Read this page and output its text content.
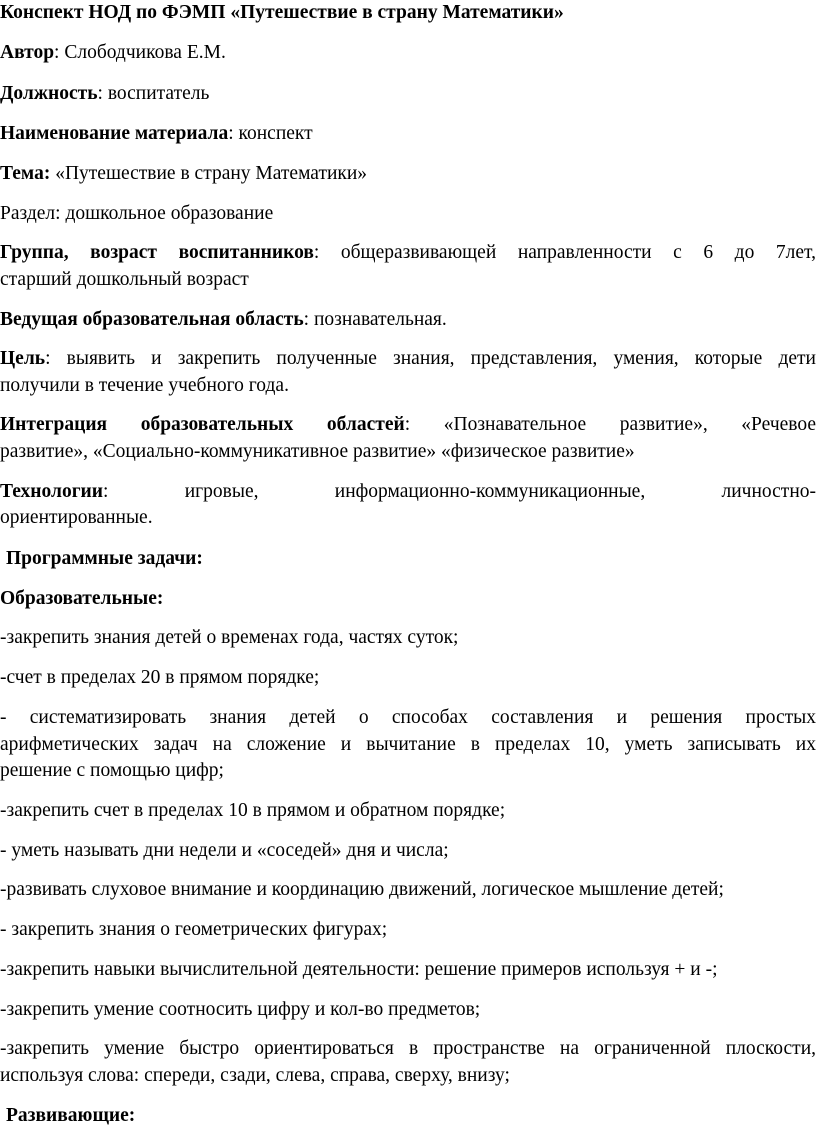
Конспект НОД по ФЭМП «Путешествие в страну Математики»
Автор: Слободчикова Е.М.
Должность: воспитатель
Наименование материала: конспект
Тема: «Путешествие в страну Математики»
Раздел: дошкольное образование
Группа, возраст воспитанников: общеразвивающей направленности с 6 до 7лет,
старший дошкольный возраст
Ведущая образовательная область: познавательная.
Цель: выявить и закрепить полученные знания, представления, умения, которые дети
получили в течение учебного года.
Интеграция образовательных областей: «Познавательное развитие», «Речевое
развитие», «Социально-коммуникативное развитие» «физическое развитие»
Технологии: игровые, информационно-коммуникационные, личностно-
ориентированные.
Программные задачи:
Образовательные:
-закрепить знания детей о временах года, частях суток;
-счет в пределах 20 в прямом порядке;
- систематизировать знания детей о способах составления и решения простых
арифметических задач на сложение и вычитание в пределах 10, уметь записывать их
решение с помощью цифр;
-закрепить счет в пределах 10 в прямом и обратном порядке;
- уметь называть дни недели и «соседей» дня и числа;
-развивать слуховое внимание и координацию движений, логическое мышление детей;
- закрепить знания о геометрических фигурах;
-закрепить навыки вычислительной деятельности: решение примеров используя + и -;
-закрепить умение соотносить цифру и кол-во предметов;
-закрепить умение быстро ориентироваться в пространстве на ограниченной плоскости,
используя слова: спереди, сзади, слева, справа, сверху, внизу;
Развивающие:
